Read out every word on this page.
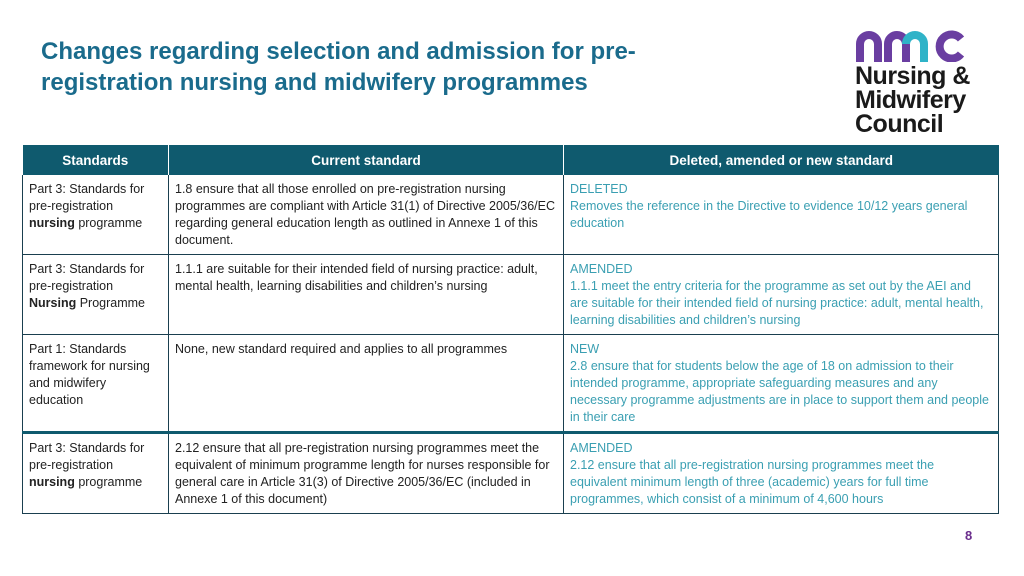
Changes regarding selection and admission for pre-registration nursing and midwifery programmes	Nursing &
Midwifery
Council
Standards	Current standard	Deleted, amended or new standard
Part 3: Standards for pre-registration nursing programme	1.8 ensure that all those enrolled on pre-registration nursing programmes are compliant with Article 31(1) of Directive 2005/36/EC regarding general education length as outlined in Annexe 1 of this document.	DELETED
Removes the reference in the Directive to evidence 10/12 years general education
Part 3: Standards for pre-registration Nursing Programme	1.1.1 are suitable for their intended field of nursing practice: adult, mental health, learning disabilities and children’s nursing	AMENDED
1.1.1 meet the entry criteria for the programme as set out by the AEI and are suitable for their intended field of nursing practice: adult, mental health, learning disabilities and children’s nursing
Part 1: Standards framework for nursing and midwifery education	None, new standard required and applies to all programmes	NEW
2.8 ensure that for students below the age of 18 on admission to their intended programme, appropriate safeguarding measures and any necessary programme adjustments are in place to support them and people in their care
Part 3: Standards for pre-registration nursing programme	2.12 ensure that all pre-registration nursing programmes meet the equivalent of minimum programme length for nurses responsible for general care in Article 31(3) of Directive 2005/36/EC (included in Annexe 1 of this document)	AMENDED
2.12 ensure that all pre-registration nursing programmes meet the equivalent minimum length of three (academic) years for full time programmes, which consist of a minimum of 4,600 hours
8
